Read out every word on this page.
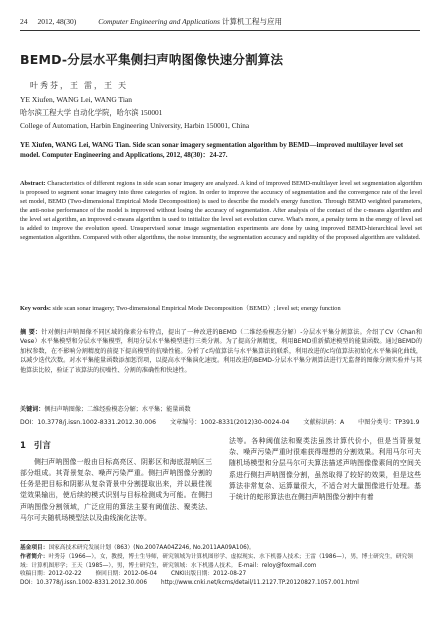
24 2012, 48(30)	Computer Engineering and Applications 计算机工程与应用
BEMD-分层水平集侧扫声呐图像快速分割算法
叶秀芬，王 雷，王 天
YE Xiufen, WANG Lei, WANG Tian
哈尔滨工程大学 自动化学院，哈尔滨 150001
College of Automation, Harbin Engineering University, Harbin 150001, China
YE Xiufen, WANG Lei, WANG Tian. Side scan sonar imagery segmentation algorithm by BEMD—improved multilayer level set model. Computer Engineering and Applications, 2012, 48(30)：24-27.
Abstract: Characteristics of different regions in side scan sonar imagery are analyzed. A kind of improved BEMD-multilayer level set segmentation algorithm is proposed to segment sonar imagery into three categories of region. In order to improve the accuracy of segmentation and the convergence rate of the level set model, BEMD (Two-dimensional Empirical Mode Decomposition) is used to describe the model's energy function. Through BEMD weighted parameters, the anti-noise performance of the model is improved without losing the accuracy of segmentation. After analysis of the contact of the c-means algorithm and the level set algorithm, an improved c-means algorithm is used to initialize the level set evolution curve. What's more, a penalty term in the energy of level set is added to improve the evolution speed. Unsupervised sonar image segmentation experiments are done by using improved BEMD-hierarchical level set segmentation algorithm. Compared with other algorithms, the noise immunity, the segmentation accuracy and rapidity of the proposed algorithm are validated.
Key words: side scan sonar imagery; Two-dimensional Empirical Mode Decomposition（BEMD）; level set; energy function
摘 要：针对侧扫声呐图像不同区域的像素分布特点，提出了一种改进的BEMD（二维经验模态分解）-分层水平集分割算法。介绍了CV（Chan和Vese）水平集模型和分层水平集模型，利用分层水平集模型进行三类分割。为了提高分割精度，利用BEMD重新描述模型的能量函数。通过BEMD的加权参数，在不影响分割精度的前提下提高模型的抗噪性能。分析了c均值算法与水平集算法的联系，利用改进的c均值算法初始化水平集演化曲线，以减少迭代次数。对水平集能量函数添加惩罚项，以提高水平集演化速度。利用改进的BEMD-分层水平集分割算法进行无监督的图像分割实验并与其他算法比较，验证了该算法的抗噪性、分割的准确性和快速性。
关键词：侧扫声呐图像；二维经验模态分解；水平集；能量函数
DOI：10.3778/j.issn.1002-8331.2012.30.006 文章编号：1002-8331(2012)30-0024-04 文献标识码：A 中图分类号：TP391.9
1 引言
侧扫声呐图像一般由目标高亮区、阴影区和海底混响区三部分组成。其背景复杂、噪声污染严重。侧扫声呐图像分割的任务是把目标和阴影从复杂背景中分割提取出来，并以最佳视觉效果输出，使后续的模式识别与目标检测成为可能。在侧扫声呐图像分割领域，广泛应用的算法主要有阈值法、聚类法、马尔可夫随机场模型法以及曲线演化法等。
法等。各种阈值法和聚类法虽然计算代价小，但是当背景复杂、噪声污染严重时很难获得理想的分割效果。利用马尔可夫随机场模型和分层马尔可夫算法描述声呐图像像素间的空间关系进行侧扫声呐图像分割，虽然取得了较好的效果，但是这些算法非常复杂、运算量很大，不适合对大量图像进行处理。基于统计的蛇形算法也在侧扫声呐图像分割中有着
基金项目：国家高技术研究发展计划（863）(No.2007AA04Z246, No.2011AA09A106)。
作者简介：叶秀芬（1966—），女，教授，博士生导师，研究领域为计算机图形学、虚拟现实、水下机器人技术；王雷（1986—），男，博士研究生，研究领域：计算机图形学；王天（1985—），男，博士研究生，研究领域：水下机器人技术。 E-mail：reloy@foxmail.com
收稿日期：2012-02-22 修回日期：2012-06-04 CNKI出版日期：2012-08-27
DOI：10.3778/j.issn.1002-8331.2012.30.006 http://www.cnki.net/kcms/detail/11.2127.TP.20120827.1057.001.html
